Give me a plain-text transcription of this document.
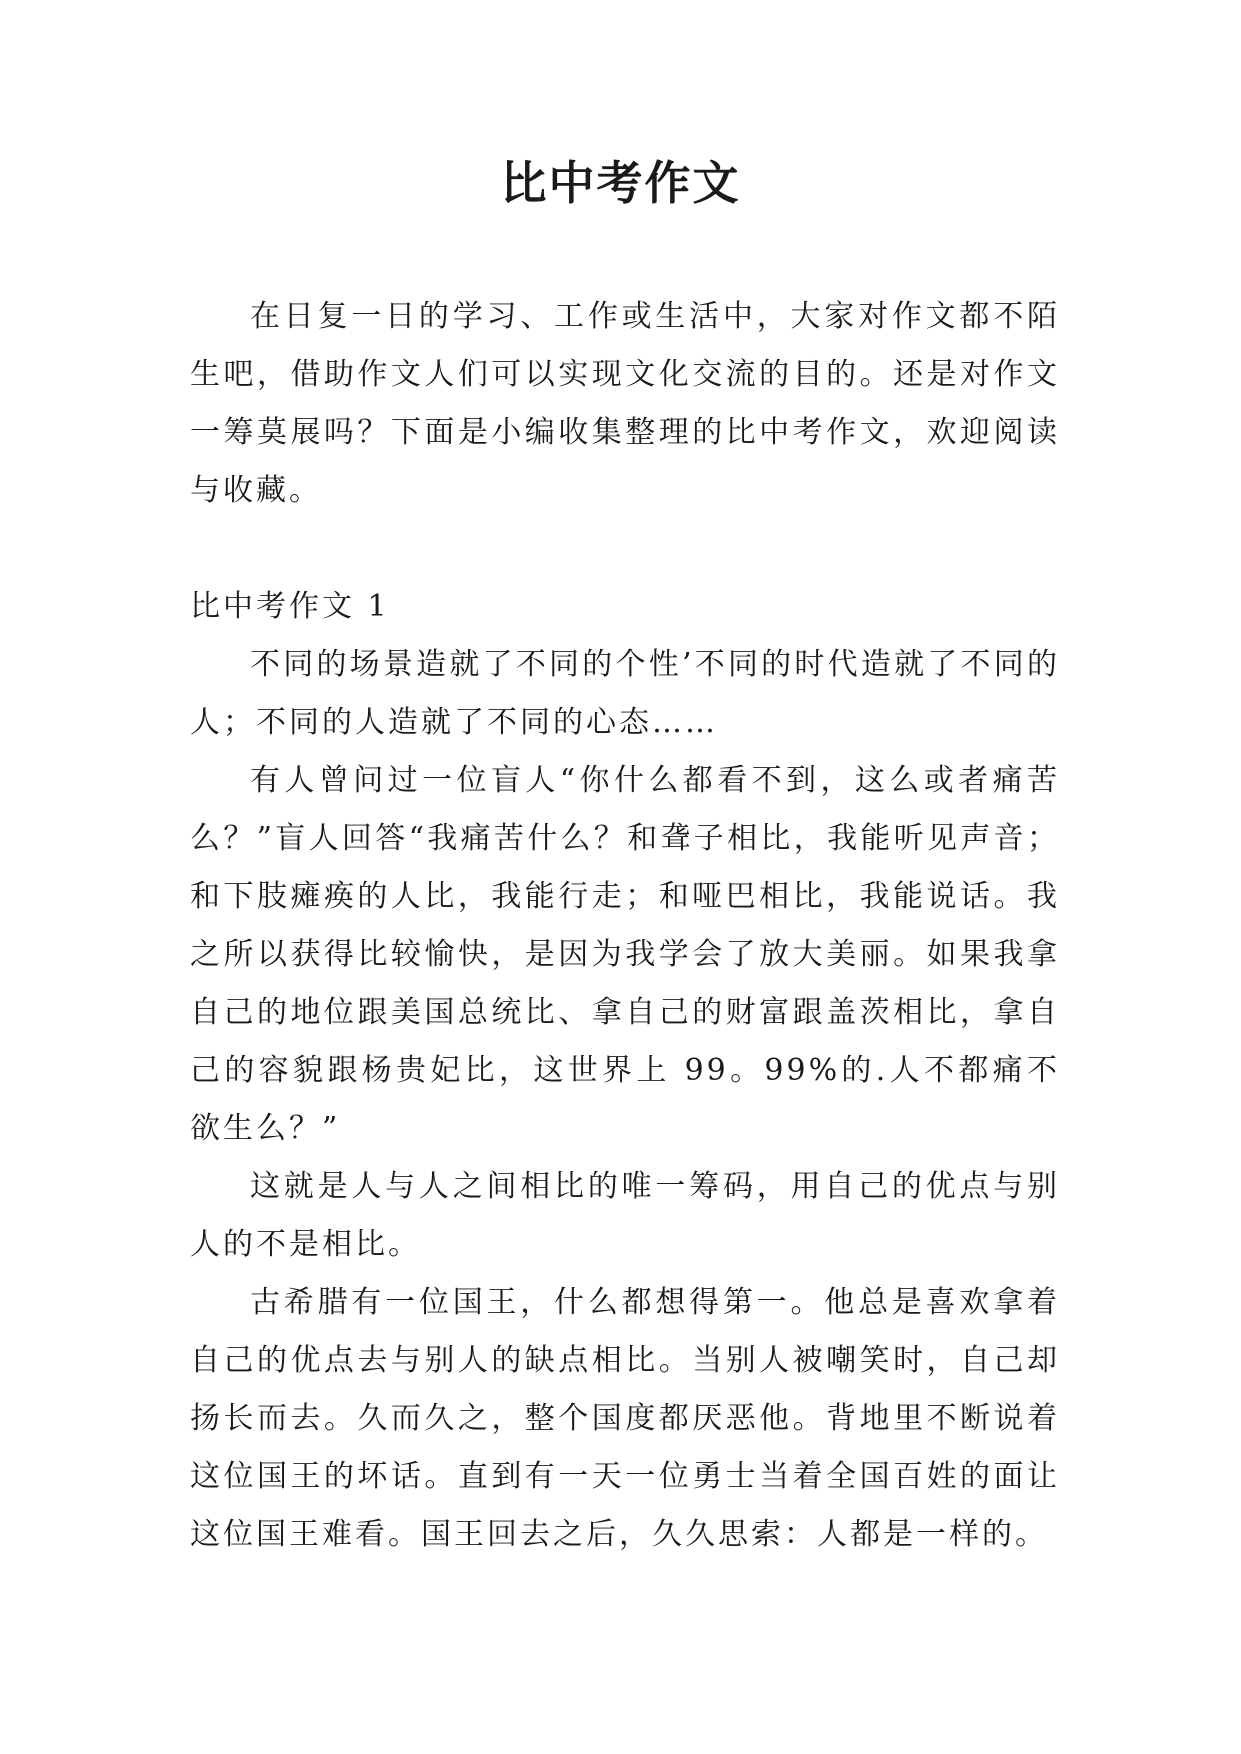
比中考作文

在日复一日的学习、工作或生活中，大家对作文都不陌生吧，借助作文人们可以实现文化交流的目的。还是对作文一筹莫展吗？下面是小编收集整理的比中考作文，欢迎阅读与收藏。

比中考作文 1

不同的场景造就了不同的个性’不同的时代造就了不同的人；不同的人造就了不同的心态……

有人曾问过一位盲人“你什么都看不到，这么或者痛苦么？”盲人回答“我痛苦什么？和聋子相比，我能听见声音；和下肢瘫痪的人比，我能行走；和哑巴相比，我能说话。我之所以获得比较愉快，是因为我学会了放大美丽。如果我拿自己的地位跟美国总统比、拿自己的财富跟盖茨相比，拿自己的容貌跟杨贵妃比，这世界上 99。99%的.人不都痛不欲生么？”

这就是人与人之间相比的唯一筹码，用自己的优点与别人的不是相比。

古希腊有一位国王，什么都想得第一。他总是喜欢拿着自己的优点去与别人的缺点相比。当别人被嘲笑时，自己却扬长而去。久而久之，整个国度都厌恶他。背地里不断说着这位国王的坏话。直到有一天一位勇士当着全国百姓的面让这位国王难看。国王回去之后，久久思索：人都是一样的。
